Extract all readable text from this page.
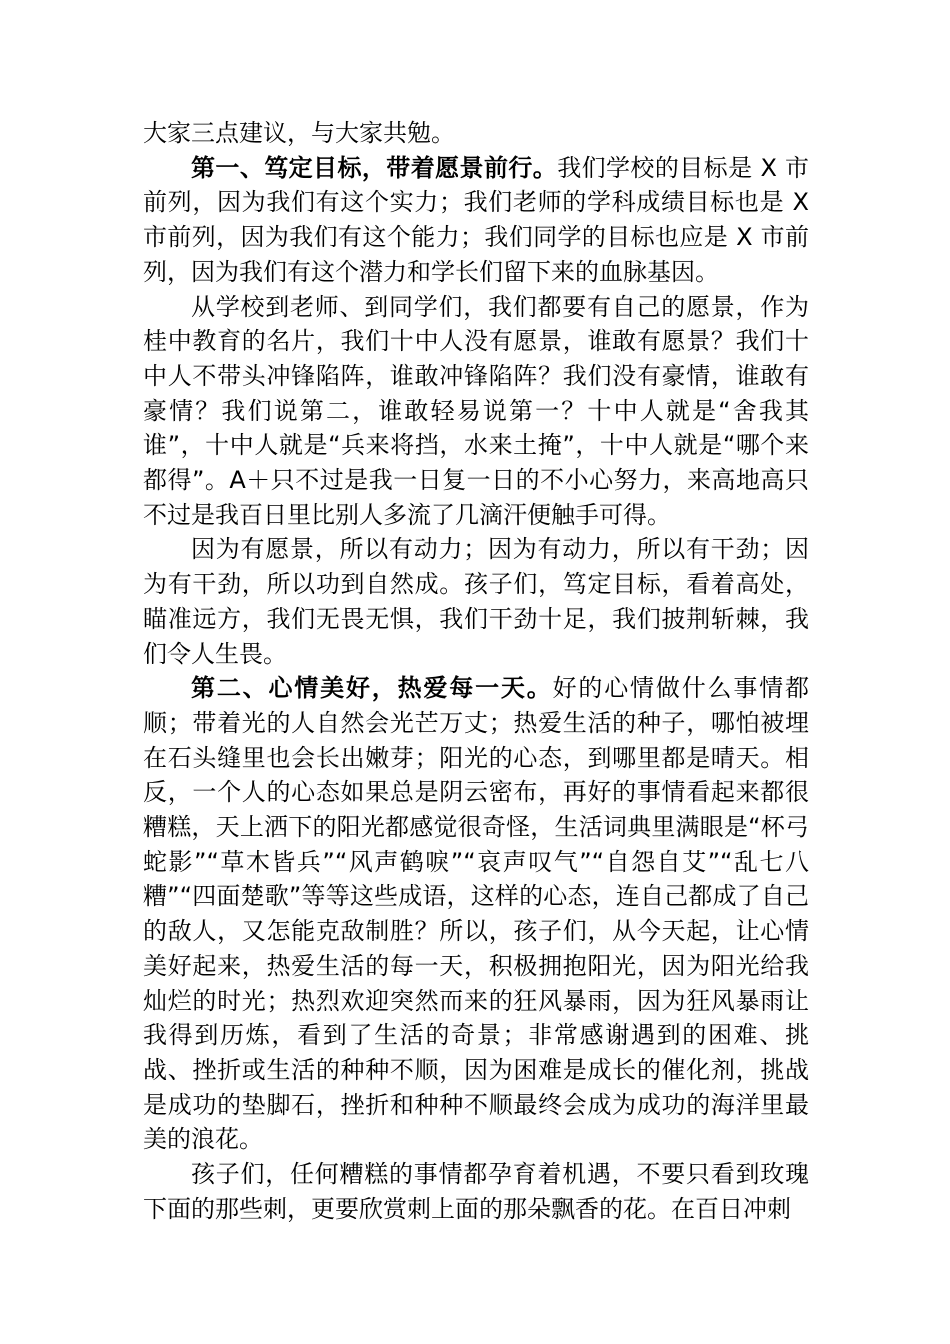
大家三点建议，与大家共勉。

第一、笃定目标，带着愿景前行。我们学校的目标是 X 市前列，因为我们有这个实力；我们老师的学科成绩目标也是 X 市前列，因为我们有这个能力；我们同学的目标也应是 X 市前列，因为我们有这个潜力和学长们留下来的血脉基因。

从学校到老师、到同学们，我们都要有自己的愿景，作为桂中教育的名片，我们十中人没有愿景，谁敢有愿景？我们十中人不带头冲锋陷阵，谁敢冲锋陷阵？我们没有豪情，谁敢有豪情？我们说第二，谁敢轻易说第一？十中人就是“舍我其谁”，十中人就是“兵来将挡，水来土掩”，十中人就是“哪个来都得”。A＋只不过是我一日复一日的不小心努力，来高地高只不过是我百日里比别人多流了几滴汗便触手可得。

因为有愿景，所以有动力；因为有动力，所以有干劲；因为有干劲，所以功到自然成。孩子们，笃定目标，看着高处，瞄准远方，我们无畏无惧，我们干劲十足，我们披荆斩棘，我们令人生畏。

第二、心情美好，热爱每一天。好的心情做什么事情都顺；带着光的人自然会光芒万丈；热爱生活的种子，哪怕被埋在石头缝里也会长出嫩芽；阳光的心态，到哪里都是晴天。相反，一个人的心态如果总是阴云密布，再好的事情看起来都很糟糕，天上洒下的阳光都感觉很奇怪，生活词典里满眼是“杯弓蛇影”“草木皆兵”“风声鹤唳”“哀声叹气”“自怨自艾”“乱七八糟”“四面楚歌”等等这些成语，这样的心态，连自己都成了自己的敌人，又怎能克敌制胜？所以，孩子们，从今天起，让心情美好起来，热爱生活的每一天，积极拥抱阳光，因为阳光给我灿烂的时光；热烈欢迎突然而来的狂风暴雨，因为狂风暴雨让我得到历炼，看到了生活的奇景；非常感谢遇到的困难、挑战、挫折或生活的种种不顺，因为困难是成长的催化剂，挑战是成功的垫脚石，挫折和种种不顺最终会成为成功的海洋里最美的浪花。

孩子们，任何糟糕的事情都孕育着机遇，不要只看到玫瑰下面的那些刺，更要欣赏刺上面的那朵飘香的花。在百日冲刺
